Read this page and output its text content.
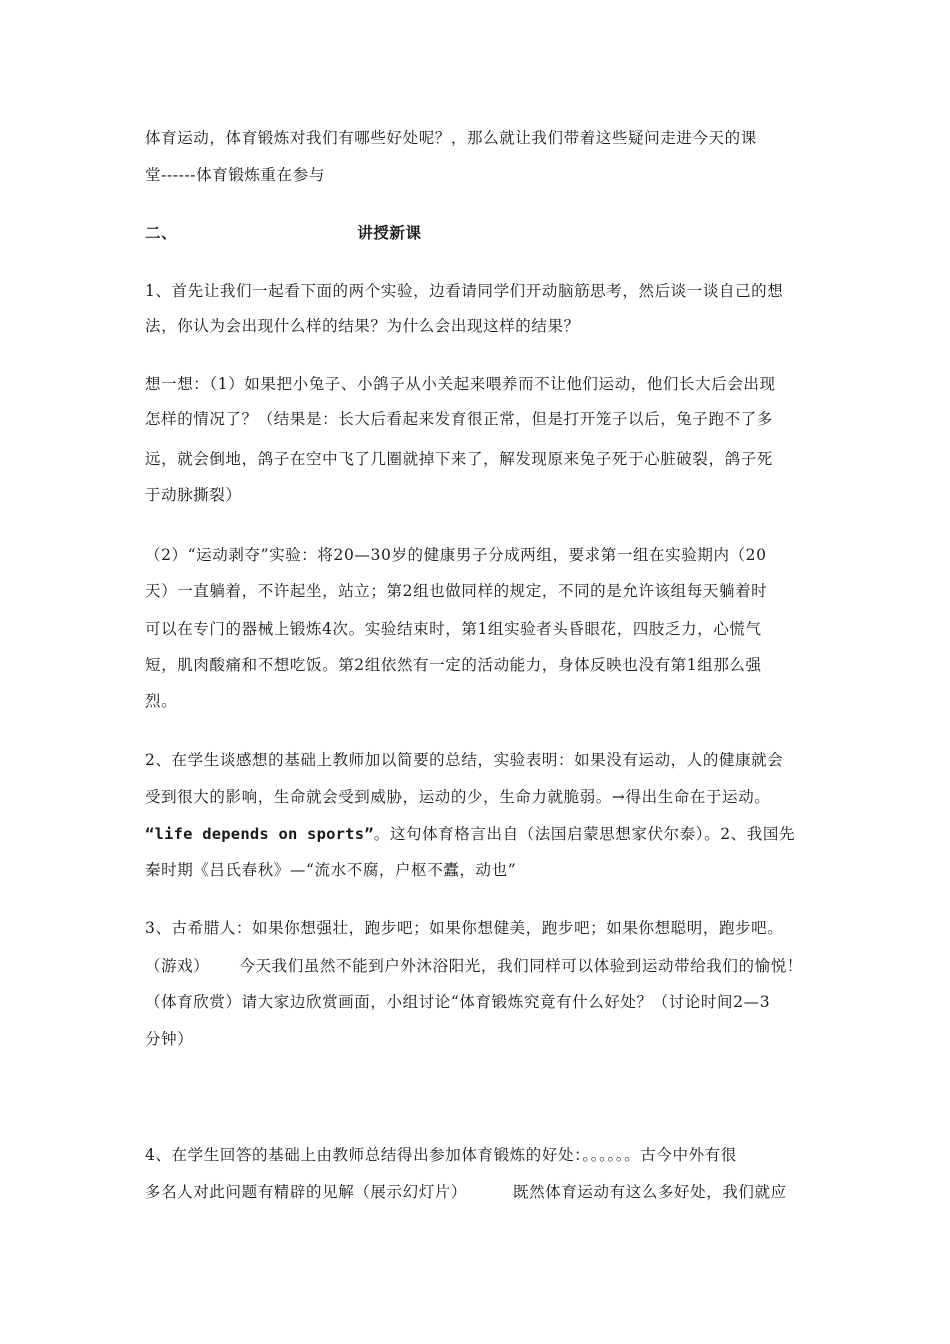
体育运动，体育锻炼对我们有哪些好处呢？，那么就让我们带着这些疑问走进今天的课
堂------体育锻炼重在参与
二、	讲授新课
1、首先让我们一起看下面的两个实验，边看请同学们开动脑筋思考，然后谈一谈自己的想
法，你认为会出现什么样的结果？为什么会出现这样的结果？
想一想：（1）如果把小兔子、小鸽子从小关起来喂养而不让他们运动，他们长大后会出现
怎样的情况了？（结果是：长大后看起来发育很正常，但是打开笼子以后，兔子跑不了多
远，就会倒地，鸽子在空中飞了几圈就掉下来了，解发现原来兔子死于心脏破裂，鸽子死
于动脉撕裂）
（2）“运动剥夺”实验：将20—30岁的健康男子分成两组，要求第一组在实验期内（20
天）一直躺着，不许起坐，站立；第2组也做同样的规定，不同的是允许该组每天躺着时
可以在专门的器械上锻炼4次。实验结束时，第1组实验者头昏眼花，四肢乏力，心慌气
短，肌肉酸痛和不想吃饭。第2组依然有一定的活动能力，身体反映也没有第1组那么强
烈。
2、在学生谈感想的基础上教师加以简要的总结，实验表明：如果没有运动，人的健康就会
受到很大的影响，生命就会受到威胁，运动的少，生命力就脆弱。→得出生命在于运动。
“life depends on sports”。这句体育格言出自（法国启蒙思想家伏尔泰）。2、我国先
秦时期《吕氏春秋》—“流水不腐，户枢不蠹，动也”
3、古希腊人：如果你想强壮，跑步吧；如果你想健美，跑步吧；如果你想聪明，跑步吧。
（游戏） 今天我们虽然不能到户外沐浴阳光，我们同样可以体验到运动带给我们的愉悦！
（体育欣赏）请大家边欣赏画面，小组讨论“体育锻炼究竟有什么好处？（讨论时间2—3
分钟）
4、在学生回答的基础上由教师总结得出参加体育锻炼的好处：。。。。。。古今中外有很
多名人对此问题有精辟的见解（展示幻灯片）	既然体育运动有这么多好处，我们就应
